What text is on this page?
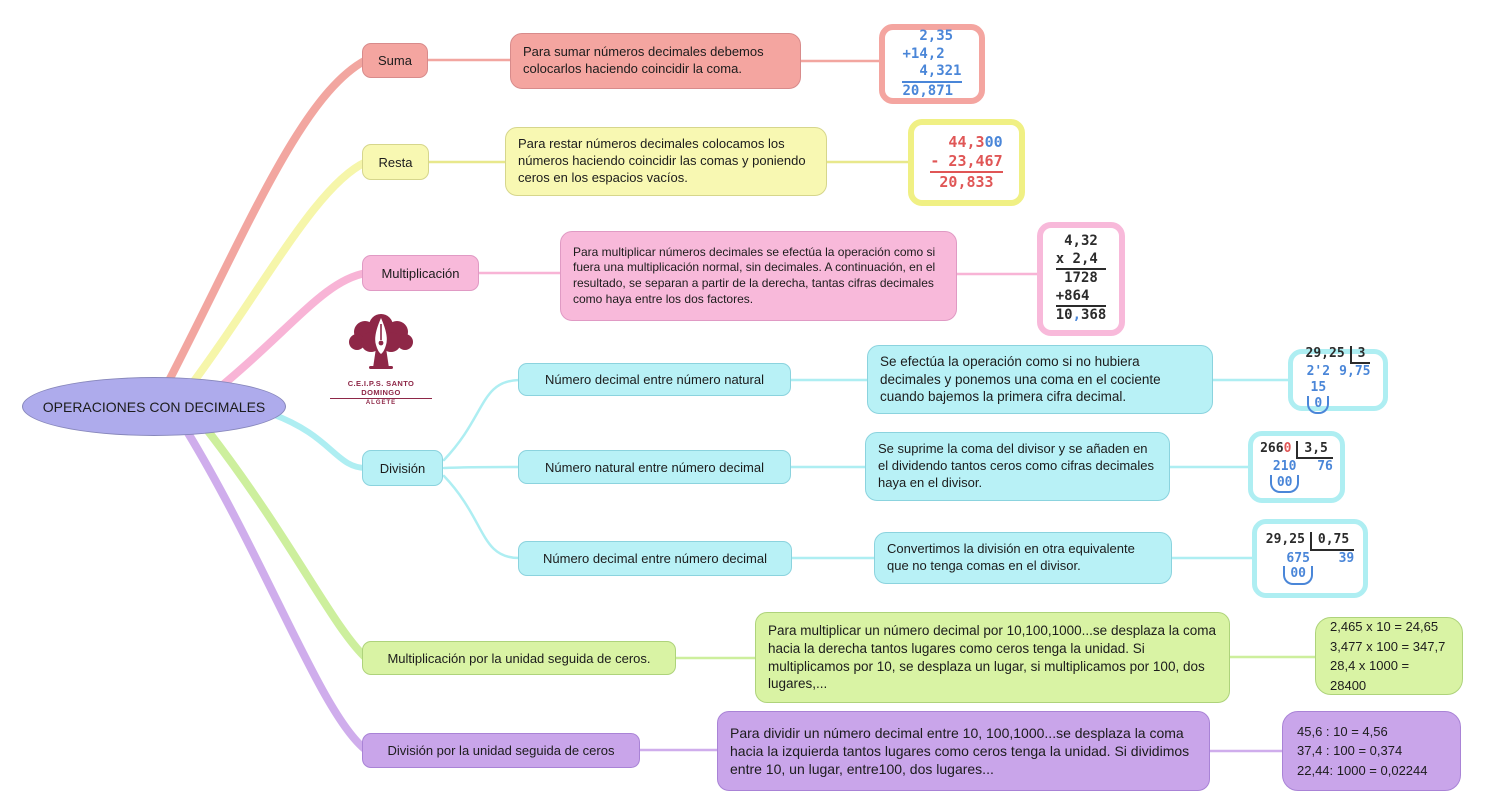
OPERACIONES CON DECIMALES
C.E.I.P.S. SANTO DOMINGO
ALGETE
Suma
Para sumar números decimales debemos colocarlos haciendo coincidir la coma.
2,35
+14,2
4,321
20,871
Resta
Para restar números decimales colocamos los números haciendo coincidir las comas y poniendo ceros en los espacios vacíos.
44,300
- 23,467
20,833
Multiplicación
Para multiplicar números decimales se efectúa la operación como si fuera una multiplicación normal, sin decimales. A continuación, en el resultado, se separan a partir de la derecha, tantas cifras decimales como haya entre los dos factores.
4,32
x 2,4
1728
+864
10,368
División
Número decimal entre número natural
Se efectúa la operación como si no hubiera decimales y ponemos una coma en el cociente cuando bajemos la primera cifra decimal.
29,25	3
2'2
15
0
9,75
Número natural entre número decimal
Se suprime la coma del divisor y se añaden en el dividendo tantos ceros como cifras decimales haya en el divisor.
2660	3,5
210
00
76
Número decimal entre número decimal
Convertimos la división en otra equivalente que no tenga comas en el divisor.
29,25	0,75
675
00
39
Multiplicación por la unidad seguida de ceros.
Para multiplicar un número decimal por 10,100,1000...se desplaza la coma hacia la derecha tantos lugares como ceros tenga la unidad. Si multiplicamos por 10, se desplaza un lugar, si multiplicamos por 100, dos lugares,...
2,465 x 10 = 24,65
3,477 x 100 = 347,7
28,4 x 1000 = 28400
División por la unidad seguida de ceros
Para dividir un número decimal entre 10, 100,1000...se desplaza la coma hacia la izquierda tantos lugares como ceros tenga la unidad. Si dividimos entre 10, un lugar, entre100, dos lugares...
45,6 : 10 = 4,56
37,4 : 100 = 0,374
22,44: 1000 = 0,02244
